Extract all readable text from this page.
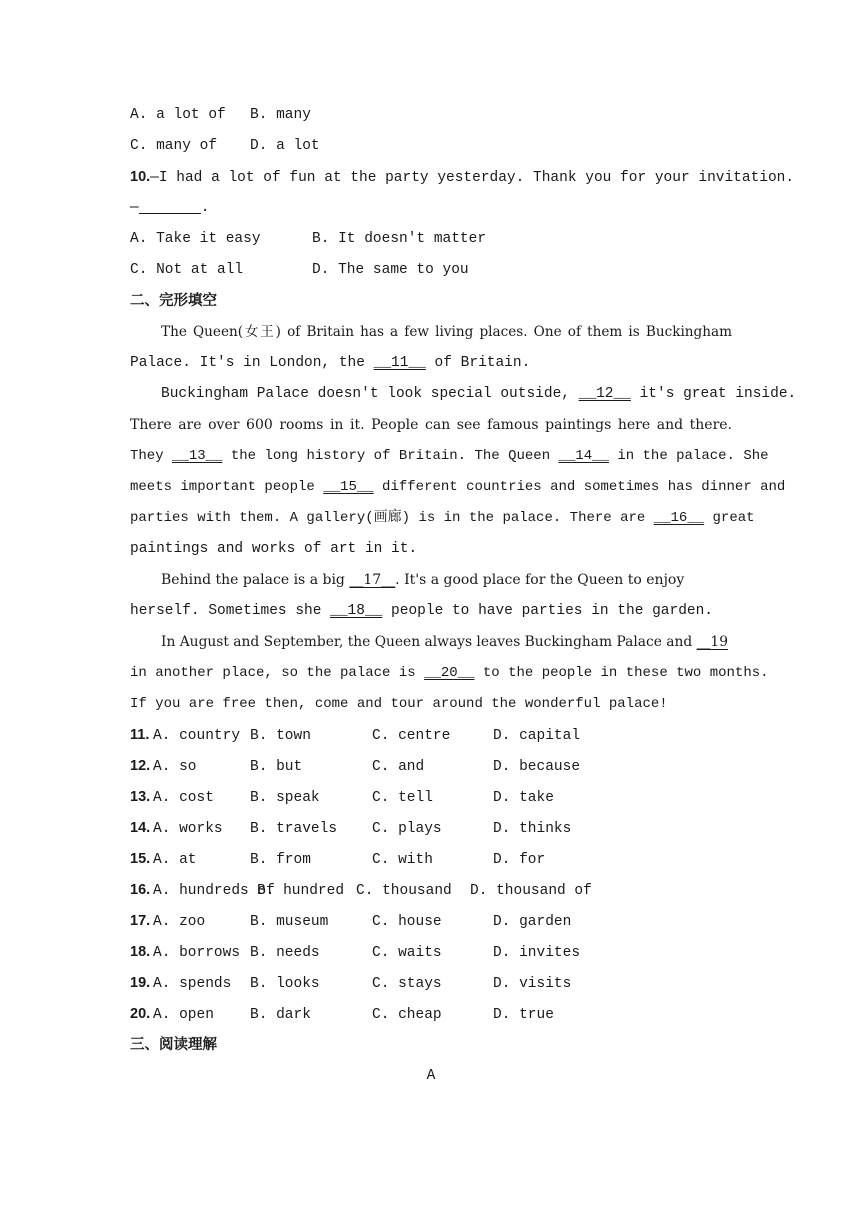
A. a lot of B. many
C. many of D. a lot
10.—I had a lot of fun at the party yesterday. Thank you for your invitation.
—	.
A. Take it easy	B. It doesn't matter
C. Not at all	D. The same to you
二、完形填空
The Queen(女王) of Britain has a few living places. One of them is Buckingham
Palace. It's in London, the __11__ of Britain.
Buckingham Palace doesn't look special outside, __12__ it's great inside.
There are over 600 rooms in it. People can see famous paintings here and there.
They __13__ the long history of Britain. The Queen __14__ in the palace. She
meets important people __15__ different countries and sometimes has dinner and
parties with them. A gallery(画廊) is in the palace. There are __16__ great
paintings and works of art in it.
Behind the palace is a big __17__. It's a good place for the Queen to enjoy
herself. Sometimes she __18__ people to have parties in the garden.
In August and September, the Queen always leaves Buckingham Palace and __19
in another place, so the palace is __20__ to the people in these two months.
If you are free then, come and tour around the wonderful palace!
11. A. country B. town	C. centre	D. capital
12. A. so	B. but	C. and	D. because
13. A. cost B. speak	C. tell	D. take
14. A. works B. travels C. plays	D. thinks
15. A. at	B. from	C. with	D. for
16. A. hundreds ofB. hundred C. thousand D. thousand of
17. A. zoo	B. museum	C. house	D. garden
18. A. borrows B. needs	C. waits	D. invites
19. A. spends B. looks	C. stays	D. visits
20. A. open B. dark	C. cheap	D. true
三、阅读理解
A
